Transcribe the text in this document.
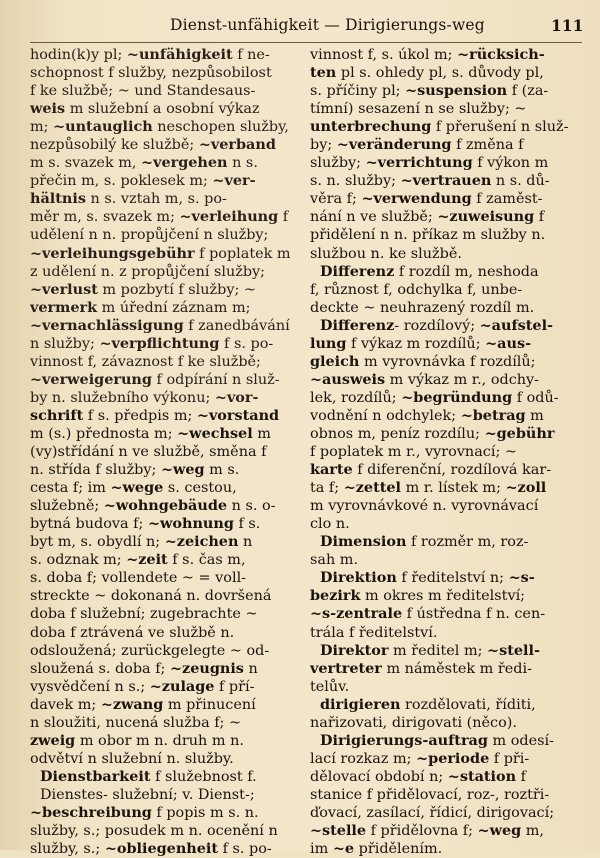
Dienst-unfähigkeit — Dirigierungs-weg	111
hodin(k)y pl; ~unfähigkeit f ne-
schopnost f služby, nezpůsobilost
f ke službě; ~ und Standesaus-
weis m služební a osobní výkaz
m; ~untauglich neschopen služby,
nezpůsobilý ke službě; ~verband
m s. svazek m, ~vergehen n s.
přečin m, s. poklesek m; ~ver-
hältnis n s. vztah m, s. po-
měr m, s. svazek m; ~verleihung f
udělení n n. propůjčení n služby;
~verleihungsgebühr f poplatek m
z udělení n. z propůjčení služby;
~verlust m pozbytí f služby; ~
vermerk m úřední záznam m;
~vernachlässigung f zanedbávání
n služby; ~verpflichtung f s. po-
vinnost f, závaznost f ke službě;
~verweigerung f odpírání n služ-
by n. služebního výkonu; ~vor-
schrift f s. předpis m; ~vorstand
m (s.) přednosta m; ~wechsel m
(vy)střídání n ve službě, směna f
n. střída f služby; ~weg m s.
cesta f; im ~wege s. cestou,
služebně; ~wohngebäude n s. o-
bytná budova f; ~wohnung f s.
byt m, s. obydlí n; ~zeichen n
s. odznak m; ~zeit f s. čas m,
s. doba f; vollendete ~ = voll-
streckte ~ dokonaná n. dovršená
doba f služební; zugebrachte ~
doba f ztrávená ve službě n.
odsloužená; zurückgelegte ~ od-
sloužená s. doba f; ~zeugnis n
vysvědčení n s.; ~zulage f pří-
davek m; ~zwang m přinucení
n sloužiti, nucená služba f; ~
zweig m obor m n. druh m n.
odvětví n služební n. služby.
Dienstbarkeit f služebnost f.
Dienstes- služební; v. Dienst-;
~beschreibung f popis m s. n.
služby, s.; posudek m n. ocenění n
služby, s.; ~obliegenheit f s. po-
vinnost f, s. úkol m; ~rücksich-
ten pl s. ohledy pl, s. důvody pl,
s. příčiny pl; ~suspension f (za-
tímní) sesazení n se služby; ~
unterbrechung f přerušení n služ-
by; ~veränderung f změna f
služby; ~verrichtung f výkon m
s. n. služby; ~vertrauen n s. dů-
věra f; ~verwendung f zaměst-
nání n ve službě; ~zuweisung f
přidělení n n. příkaz m služby n.
službou n. ke službě.
Differenz f rozdíl m, neshoda
f, různost f, odchylka f, unbe-
deckte ~ neuhrazený rozdíl m.
Differenz- rozdílový; ~aufstel-
lung f výkaz m rozdílů; ~aus-
gleich m vyrovnávka f rozdílů;
~ausweis m výkaz m r., odchy-
lek, rozdílů; ~begründung f odů-
vodnění n odchylek; ~betrag m
obnos m, peníz rozdílu; ~gebühr
f poplatek m r., vyrovnací; ~
karte f diferenční, rozdílová kar-
ta f; ~zettel m r. lístek m; ~zoll
m vyrovnávkové n. vyrovnávací
clo n.
Dimension f rozměr m, roz-
sah m.
Direktion f ředitelství n; ~s-
bezirk m okres m ředitelství;
~s-zentrale f ústředna f n. cen-
trála f ředitelství.
Direktor m ředitel m; ~stell-
vertreter m náměstek m ředi-
telův.
dirigieren rozdělovati, říditi,
nařizovati, dirigovati (něco).
Dirigierungs-auftrag m odesí-
lací rozkaz m; ~periode f při-
dělovací období n; ~station f
stanice f přidělovací, roz-, roztři-
ďovací, zasílací, řídicí, dirigovací;
~stelle f přidělovna f; ~weg m,
im ~e přidělením.
